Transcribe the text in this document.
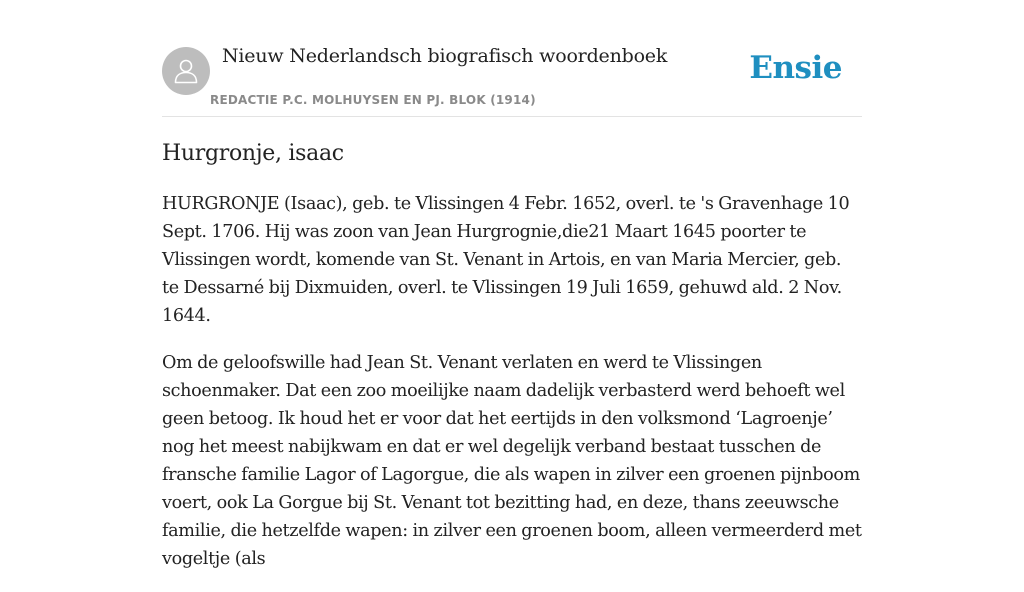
Nieuw Nederlandsch biografisch woordenboek
REDACTIE P.C. MOLHUYSEN EN PJ. BLOK (1914)
Ensie
Hurgronje, isaac

HURGRONJE (Isaac), geb. te Vlissingen 4 Febr. 1652, overl. te 's Gravenhage 10 Sept. 1706. Hij was zoon van Jean Hurgrognie,die21 Maart 1645 poorter te Vlissingen wordt, komende van St. Venant in Artois, en van Maria Mercier, geb. te Dessarné bij Dixmuiden, overl. te Vlissingen 19 Juli 1659, gehuwd ald. 2 Nov. 1644.

Om de geloofswille had Jean St. Venant verlaten en werd te Vlissingen schoenmaker. Dat een zoo moeilijke naam dadelijk verbasterd werd behoeft wel geen betoog. Ik houd het er voor dat het eertijds in den volksmond ‘Lagroenje’ nog het meest nabijkwam en dat er wel degelijk verband bestaat tusschen de fransche familie Lagor of Lagorgue, die als wapen in zilver een groenen pijnboom voert, ook La Gorgue bij St. Venant tot bezitting had, en deze, thans zeeuwsche familie, die hetzelfde wapen: in zilver een groenen boom, alleen vermeerderd met vogeltje (als
